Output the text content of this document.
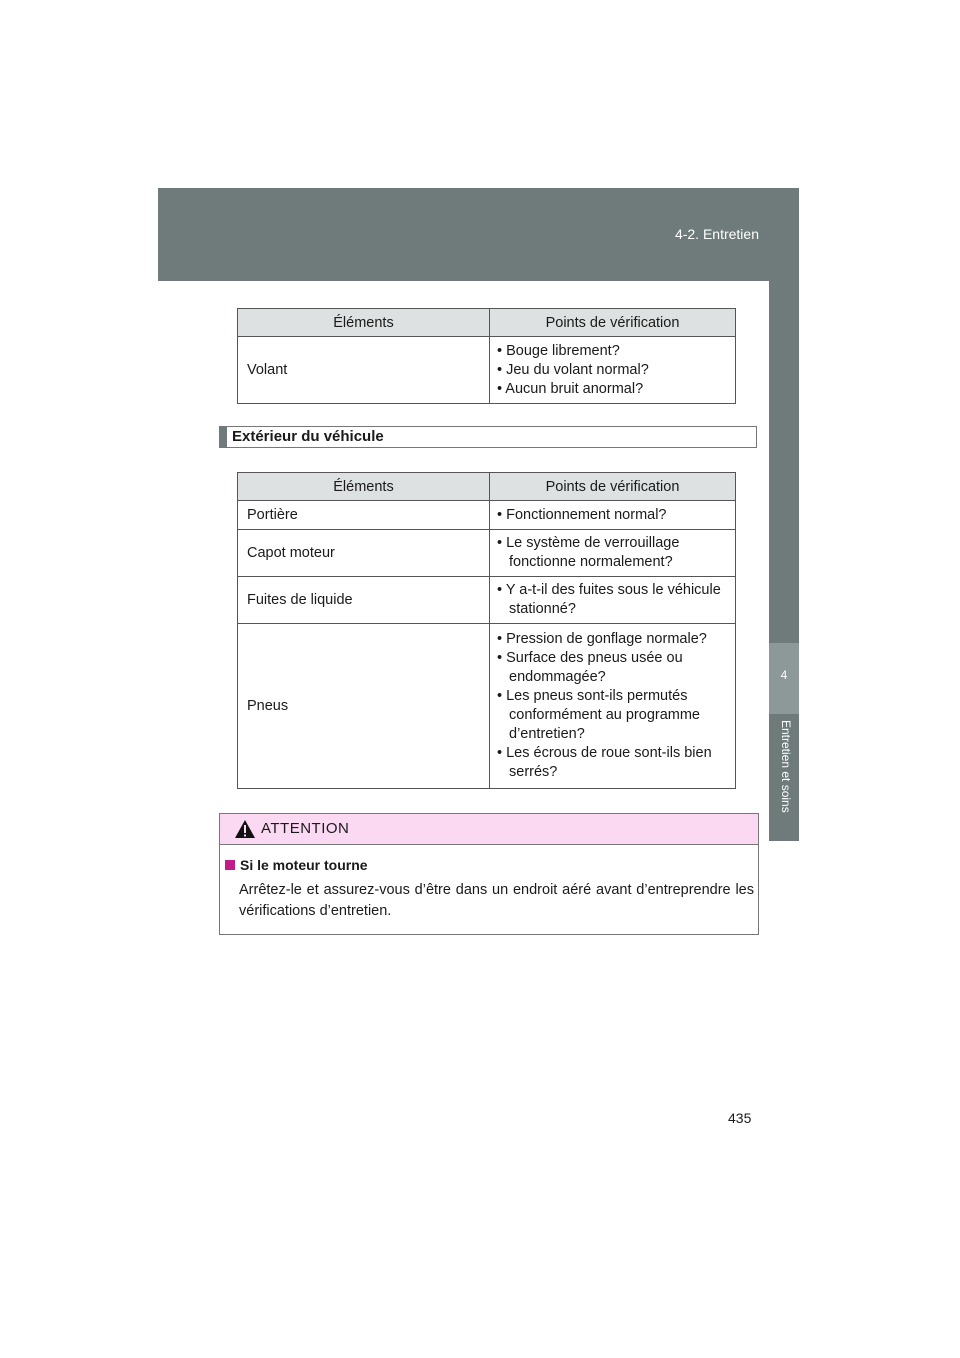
4-2. Entretien
4
Entretien et soins
Éléments	Points de vérification
Volant	• Bouge librement?
• Jeu du volant normal?
• Aucun bruit anormal?
Extérieur du véhicule
Éléments	Points de vérification
Portière	• Fonctionnement normal?

Capot moteur	• Le système de verrouillage fonctionne normalement?

Fuites de liquide	• Y a-t-il des fuites sous le véhicule stationné?

Pneus	• Pression de gonflage normale?
• Surface des pneus usée ou endommagée?
• Les pneus sont-ils permutés conformément au programme d’entretien?
• Les écrous de roue sont-ils bien serrés?
ATTENTION
Si le moteur tourne
Arrêtez-le et assurez-vous d’être dans un endroit aéré avant d’entreprendre les vérifications d’entretien.
435
